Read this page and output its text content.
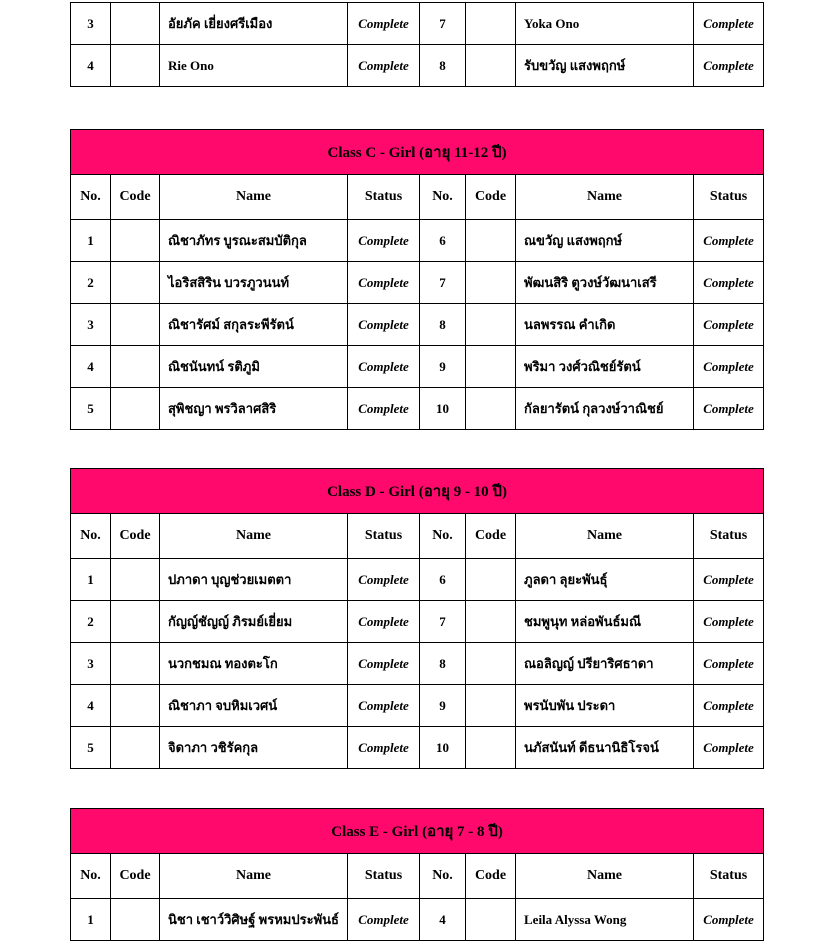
3		อัยภัค เยี่ยงศรีเมือง	Complete	7		Yoka Ono	Complete
4		Rie Ono	Complete	8		รับขวัญ แสงพฤกษ์	Complete
Class C - Girl (อายุ 11-12 ปี)							
No.	Code	Name	Status	No.	Code	Name	Status
1		ณิชาภัทร บูรณะสมบัติกุล	Complete	6		ณขวัญ แสงพฤกษ์	Complete
2		ไอริสสิริน บวรภูวนนท์	Complete	7		พัฒนสิริ ตูวงษ์วัฒนาเสรี	Complete
3		ณิชารัศม์ สกุลระพีรัตน์	Complete	8		นลพรรณ คำเกิด	Complete
4		ณิชนันทน์ รติภูมิ	Complete	9		พริมา วงศ์วณิชย์รัตน์	Complete
5		สุพิชญา พรวิลาศสิริ	Complete	10		กัลยารัตน์ กุลวงษ์วาณิชย์	Complete
Class D - Girl (อายุ 9 - 10 ปี)							
No.	Code	Name	Status	No.	Code	Name	Status
1		ปภาดา บุญช่วยเมตตา	Complete	6		ภูลดา ลุยะพันธุ์	Complete
2		กัญญ์ชัญญ์ ภิรมย์เยี่ยม	Complete	7		ชมพูนุท หล่อพันธ์มณี	Complete
3		นวกชมณ ทองตะโก	Complete	8		ณอลิญญ์ ปรียาริศธาดา	Complete
4		ณิชาภา จบหิมเวศน์	Complete	9		พรนับพัน ประดา	Complete
5		จิดาภา วชิรัคกุล	Complete	10		นภัสนันท์ ดีธนานิธิโรจน์	Complete
Class E - Girl (อายุ 7 - 8 ปี)							
No.	Code	Name	Status	No.	Code	Name	Status
1		นิชา เชาว์วิศิษฐ์ พรหมประพันธ์	Complete	4		Leila Alyssa Wong	Complete
